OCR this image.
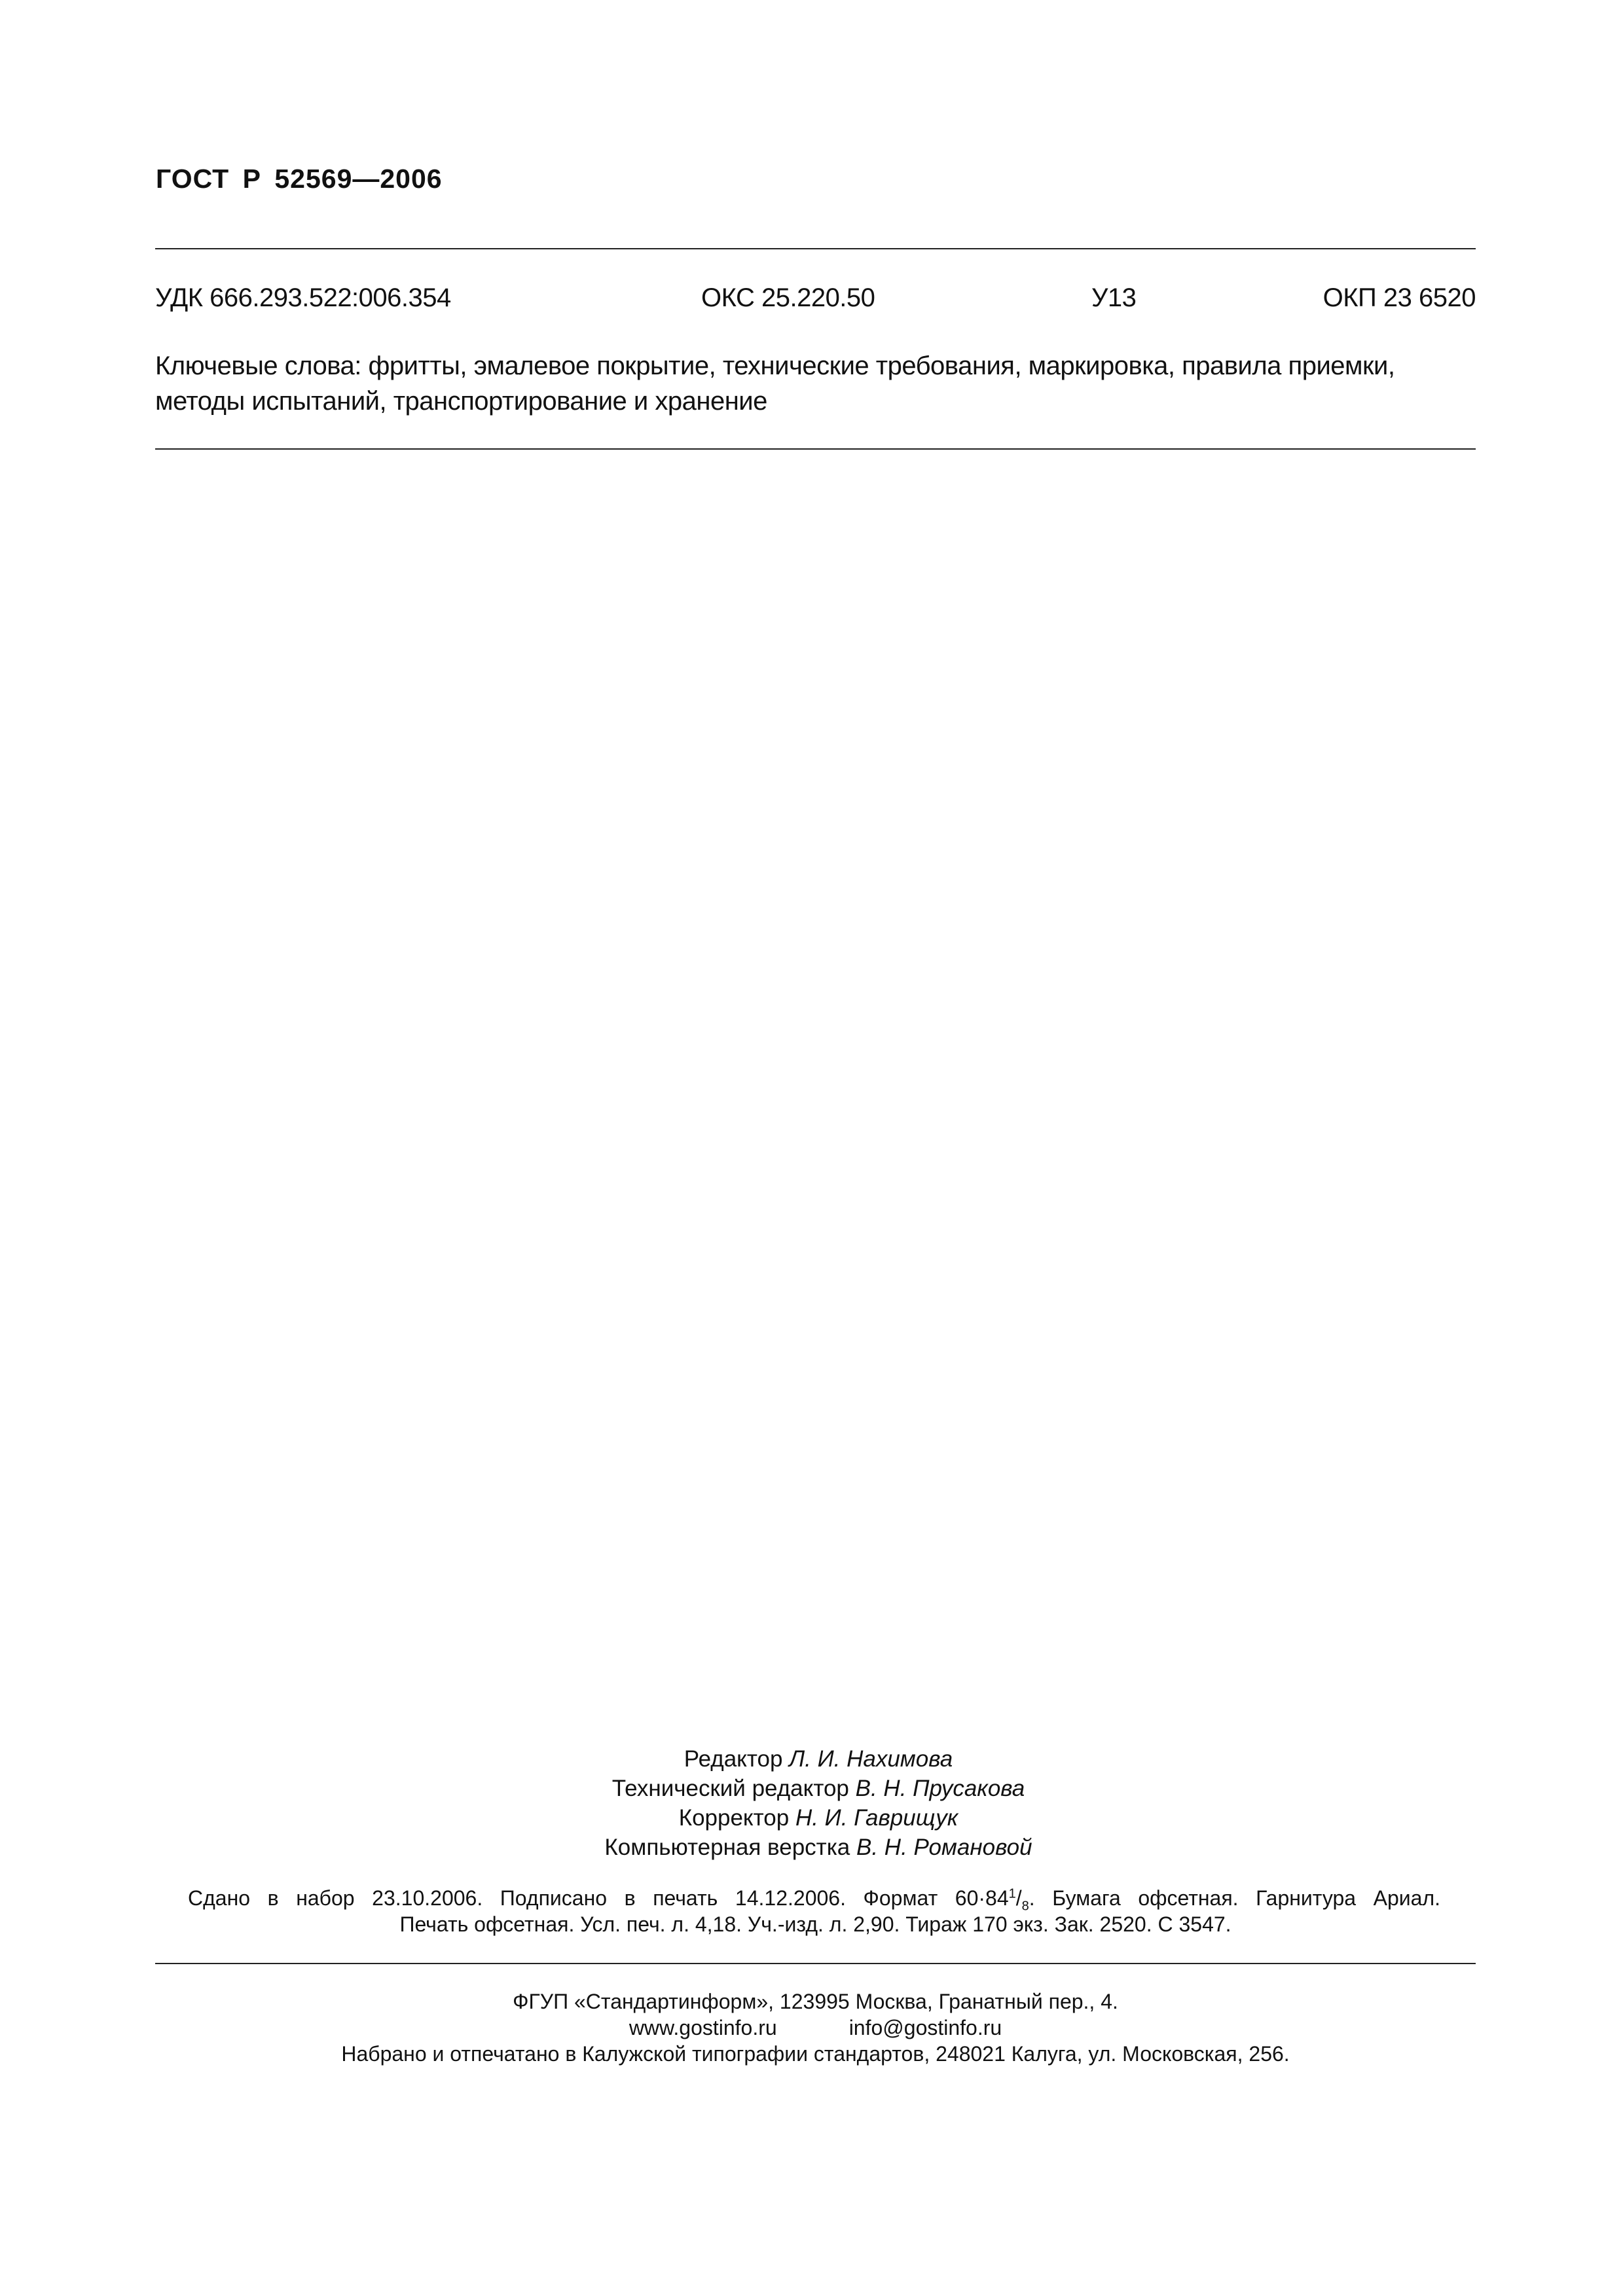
ГОСТ Р 52569—2006
УДК 666.293.522:006.354	ОКС 25.220.50	У13	ОКП 23 6520
Ключевые слова: фритты, эмалевое покрытие, технические требования, маркировка, правила приемки,
методы испытаний, транспортирование и хранение
Редактор Л. И. Нахимова
Технический редактор В. Н. Прусакова
Корректор Н. И. Гаврищук
Компьютерная верстка В. Н. Романовой
Сдано в набор 23.10.2006. Подписано в печать 14.12.2006. Формат $60\cdot 84^1/_8$. Бумага офсетная. Гарнитура Ариал.
Печать офсетная. Усл. печ. л. 4,18. Уч.-изд. л. 2,90. Тираж 170 экз. Зак. 2520. С 3547.
ФГУП «Стандартинформ», 123995 Москва, Гранатный пер., 4.
www.gostinfo.ru	info@gostinfo.ru
Набрано и отпечатано в Калужской типографии стандартов, 248021 Калуга, ул. Московская, 256.
